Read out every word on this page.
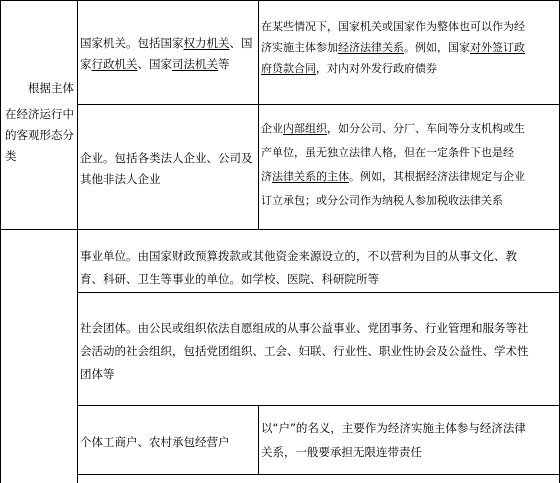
根据主体
在经济运行中
的客观形态分
类
国家机关。包括国家权力机关、国
家行政机关、国家司法机关等
在某些情况下，国家机关或国家作为整体也可以作为经
济实施主体参加经济法律关系。例如，国家对外签订政
府贷款合同，对内对外发行政府债券
企业。包括各类法人企业、公司及
其他非法人企业
企业内部组织，如分公司、分厂、车间等分支机构或生
产单位，虽无独立法律人格，但在一定条件下也是经
济法律关系的主体。例如，其根据经济法律规定与企业
订立承包；或分公司作为纳税人参加税收法律关系
事业单位。由国家财政预算拨款或其他资金来源设立的，不以营利为目的从事文化、教
育、科研、卫生等事业的单位。如学校、医院、科研院所等
社会团体。由公民或组织依法自愿组成的从事公益事业、党团事务、行业管理和服务等社
会活动的社会组织，包括党团组织、工会、妇联、行业性、职业性协会及公益性、学术性
团体等
个体工商户、农村承包经营户
以“户”的名义，主要作为经济实施主体参与经济法律
关系，一般要承担无限连带责任
